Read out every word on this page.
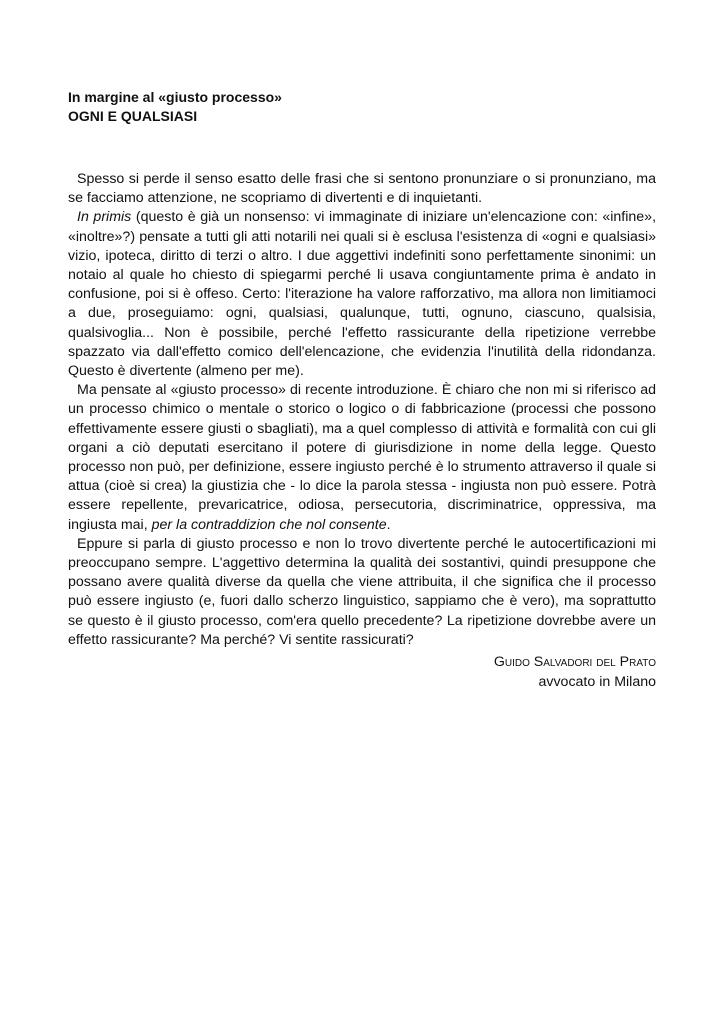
In margine al «giusto processo»

OGNI E QUALSIASI

Spesso si perde il senso esatto delle frasi che si sentono pronunziare o si pronunziano, ma se facciamo attenzione, ne scopriamo di divertenti e di inquietanti.

In primis (questo è già un nonsenso: vi immaginate di iniziare un'elencazione con: «infine», «inoltre»?) pensate a tutti gli atti notarili nei quali si è esclusa l'esistenza di «ogni e qualsiasi» vizio, ipoteca, diritto di terzi o altro. I due aggettivi indefiniti sono perfettamente sinonimi: un notaio al quale ho chiesto di spiegarmi perché li usava congiuntamente prima è andato in confusione, poi si è offeso. Certo: l'iterazione ha valore rafforzativo, ma allora non limitiamoci a due, proseguiamo: ogni, qualsiasi, qualunque, tutti, ognuno, ciascuno, qualsisia, qualsivoglia... Non è possibile, perché l'effetto rassicurante della ripetizione verrebbe spazzato via dall'effetto comico dell'elencazione, che evidenzia l'inutilità della ridondanza. Questo è divertente (almeno per me).

Ma pensate al «giusto processo» di recente introduzione. È chiaro che non mi si riferisco ad un processo chimico o mentale o storico o logico o di fabbricazione (processi che possono effettivamente essere giusti o sbagliati), ma a quel complesso di attività e formalità con cui gli organi a ciò deputati esercitano il potere di giurisdizione in nome della legge. Questo processo non può, per definizione, essere ingiusto perché è lo strumento attraverso il quale si attua (cioè si crea) la giustizia che - lo dice la parola stessa - ingiusta non può essere. Potrà essere repellente, prevaricatrice, odiosa, persecutoria, discriminatrice, oppressiva, ma ingiusta mai, per la contraddizion che nol consente.

Eppure si parla di giusto processo e non lo trovo divertente perché le autocertificazioni mi preoccupano sempre. L'aggettivo determina la qualità dei sostantivi, quindi presuppone che possano avere qualità diverse da quella che viene attribuita, il che significa che il processo può essere ingiusto (e, fuori dallo scherzo linguistico, sappiamo che è vero), ma soprattutto se questo è il giusto processo, com'era quello precedente? La ripetizione dovrebbe avere un effetto rassicurante? Ma perché? Vi sentite rassicurati?

Guido Salvadori del Prato
avvocato in Milano
